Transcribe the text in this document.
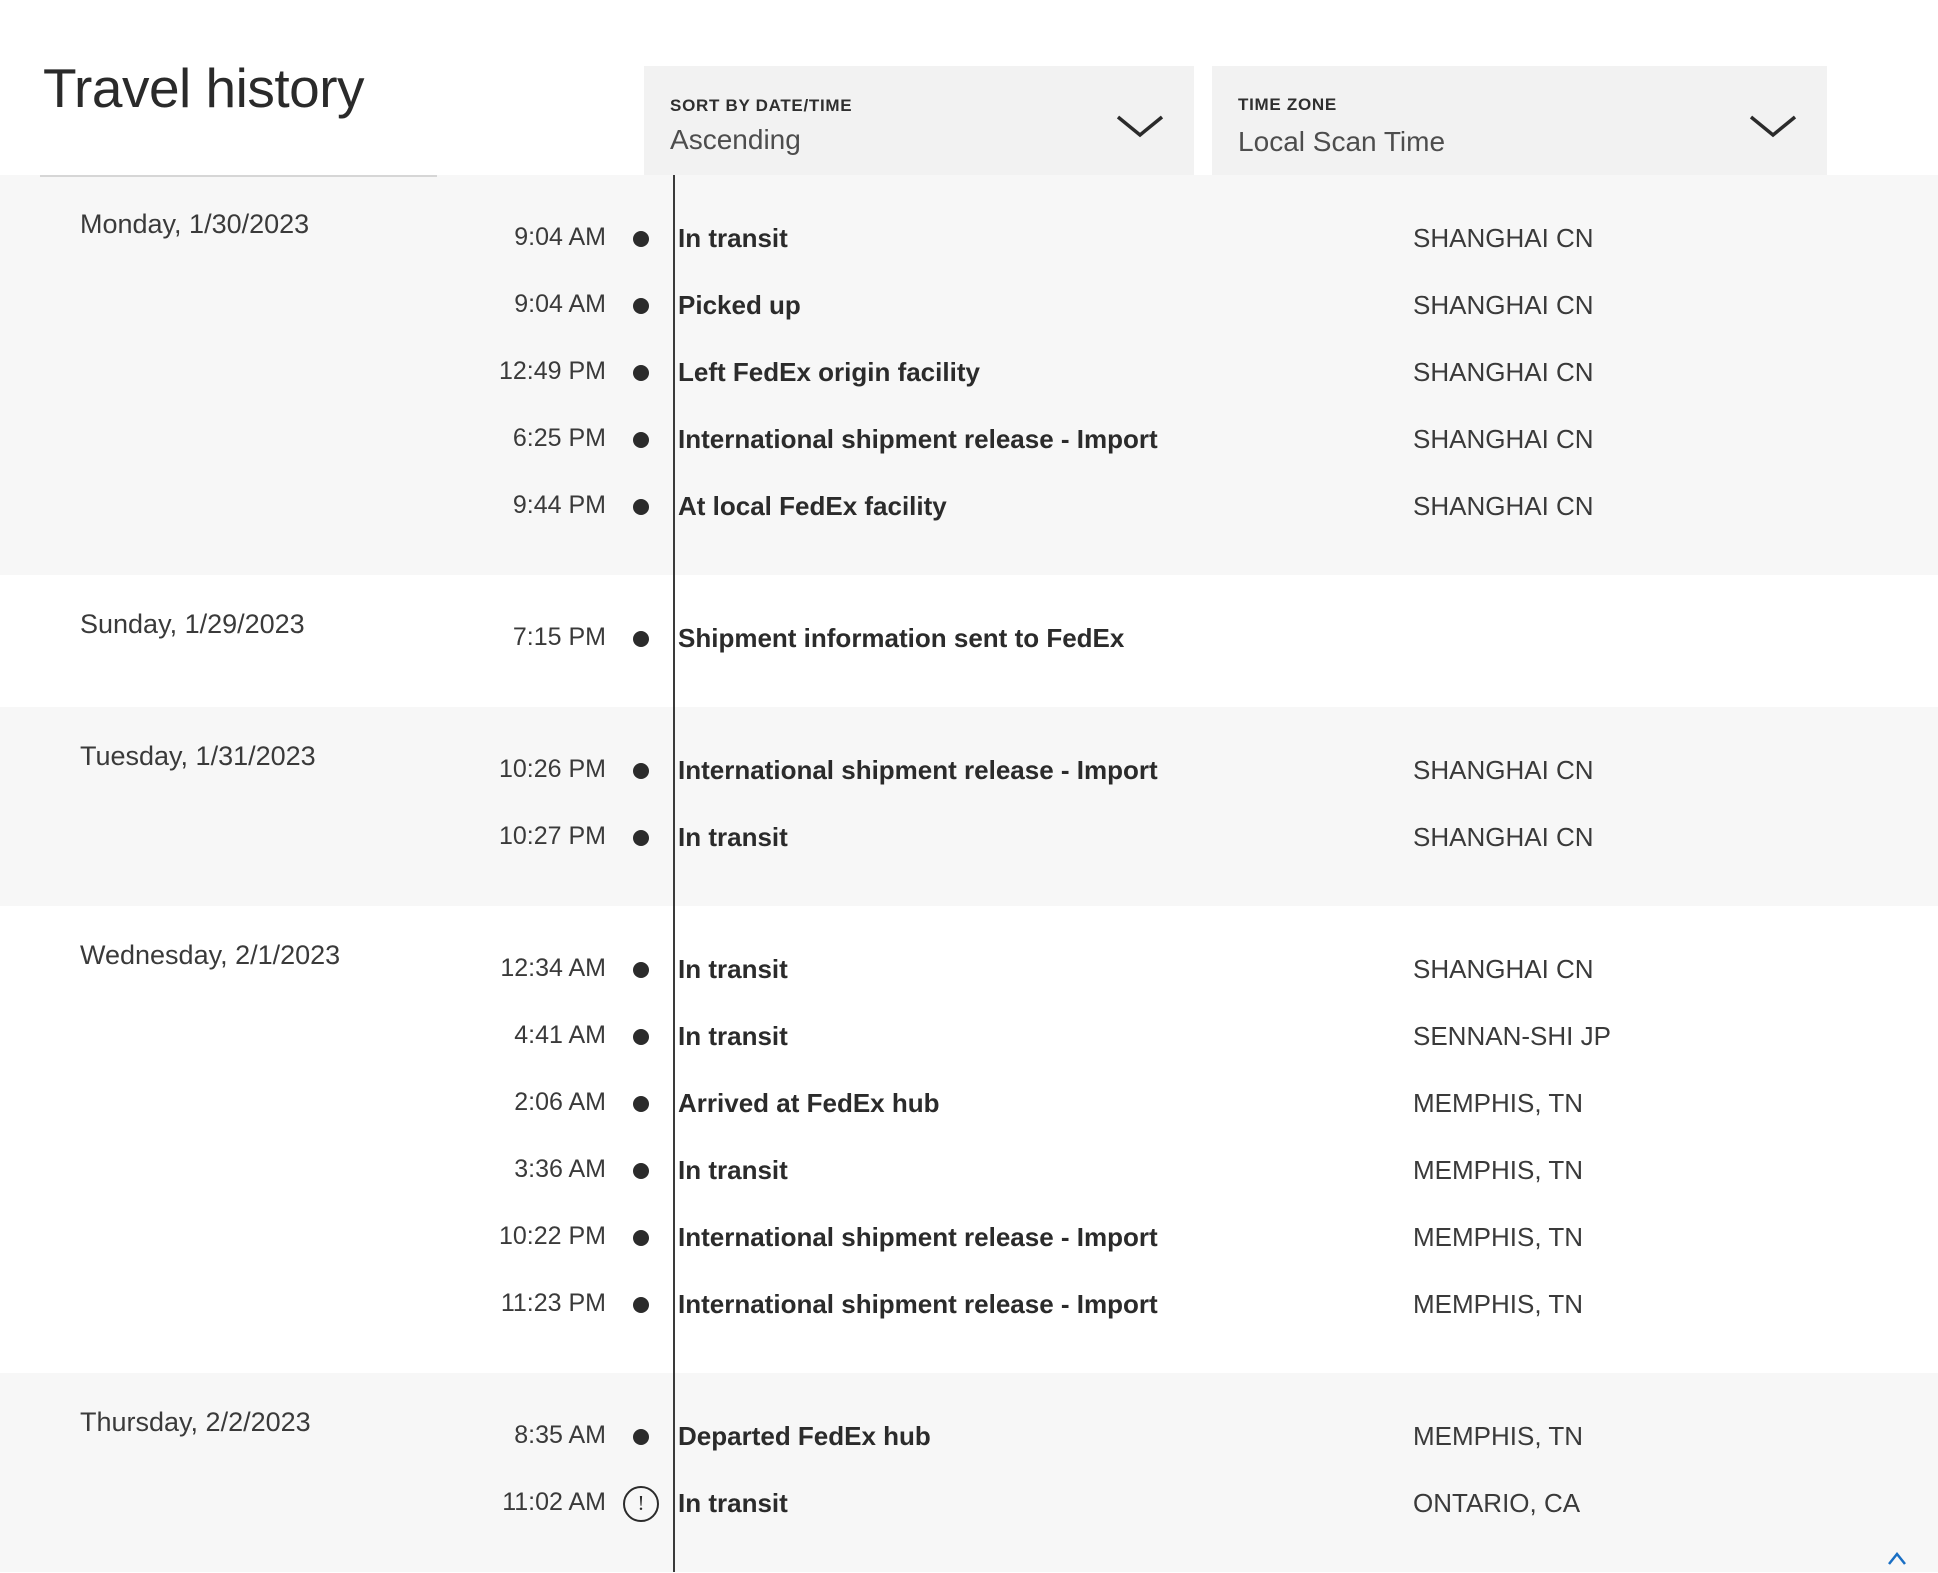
Travel history	SORT BY DATE/TIME
Ascending
TIME ZONE
Local Scan Time
Monday, 1/30/2023	9:04 AM	In transit	SHANGHAI CN
9:04 AM	Picked up	SHANGHAI CN
12:49 PM	Left FedEx origin facility	SHANGHAI CN
6:25 PM	International shipment release - Import	SHANGHAI CN
9:44 PM	At local FedEx facility	SHANGHAI CN
Sunday, 1/29/2023	7:15 PM	Shipment information sent to FedEx
Tuesday, 1/31/2023	10:26 PM	International shipment release - Import	SHANGHAI CN
10:27 PM	In transit	SHANGHAI CN
Wednesday, 2/1/2023	12:34 AM	In transit	SHANGHAI CN
4:41 AM	In transit	SENNAN-SHI JP
2:06 AM	Arrived at FedEx hub	MEMPHIS, TN
3:36 AM	In transit	MEMPHIS, TN
10:22 PM	International shipment release - Import	MEMPHIS, TN
11:23 PM	International shipment release - Import	MEMPHIS, TN
Thursday, 2/2/2023	8:35 AM	Departed FedEx hub	MEMPHIS, TN
11:02 AM	!	In transit	ONTARIO, CA
